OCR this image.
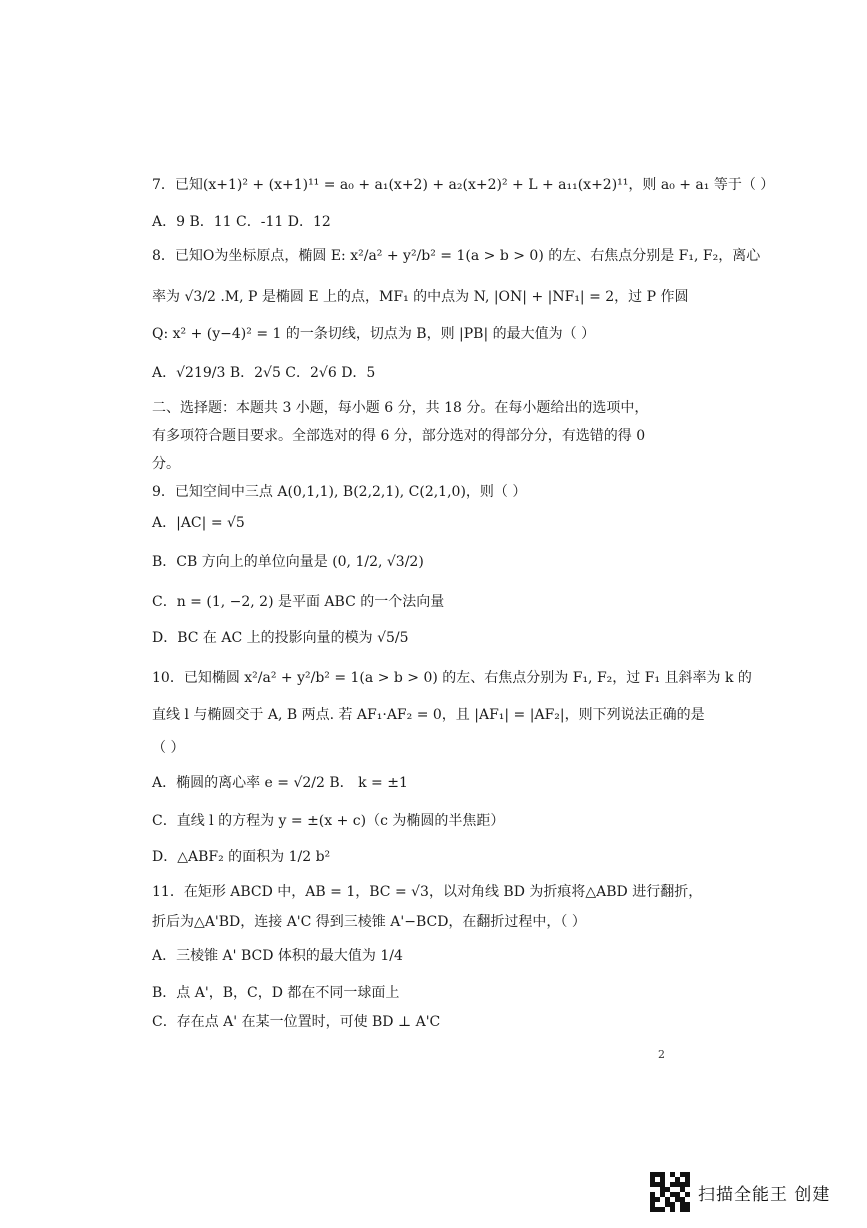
7．已知(x+1)² + (x+1)¹¹ = a₀ + a₁(x+2) + a₂(x+2)² + L + a₁₁(x+2)¹¹，则 a₀ + a₁ 等于（ ）
A．9 B．11 C．-11 D．12
8．已知O为坐标原点，椭圆 E: x²/a² + y²/b² = 1(a > b > 0) 的左、右焦点分别是 F₁, F₂，离心
率为 √3/2 .M, P 是椭圆 E 上的点，MF₁ 的中点为 N, |ON| + |NF₁| = 2，过 P 作圆
Q: x² + (y−4)² = 1 的一条切线，切点为 B，则 |PB| 的最大值为（ ）
A．√219/3 B．2√5 C．2√6 D．5
二、选择题：本题共 3 小题，每小题 6 分，共 18 分。在每小题给出的选项中，
有多项符合题目要求。全部选对的得 6 分，部分选对的得部分分，有选错的得 0
分。
9．已知空间中三点 A(0,1,1), B(2,2,1), C(2,1,0)，则（ ）
A．|AC| = √5
B．CB 方向上的单位向量是 (0, 1/2, √3/2)
C．n = (1, −2, 2) 是平面 ABC 的一个法向量
D．BC 在 AC 上的投影向量的模为 √5/5
10．已知椭圆 x²/a² + y²/b² = 1(a > b > 0) 的左、右焦点分别为 F₁, F₂，过 F₁ 且斜率为 k 的
直线 l 与椭圆交于 A, B 两点. 若 AF₁·AF₂ = 0，且 |AF₁| = |AF₂|，则下列说法正确的是
（ ）
A．椭圆的离心率 e = √2/2 B． k = ±1
C．直线 l 的方程为 y = ±(x + c)（c 为椭圆的半焦距）
D．△ABF₂ 的面积为 1/2 b²
11．在矩形 ABCD 中，AB = 1，BC = √3，以对角线 BD 为折痕将△ABD 进行翻折，
折后为△A'BD，连接 A'C 得到三棱锥 A'−BCD，在翻折过程中，（ ）
A．三棱锥 A' BCD 体积的最大值为 1/4
B．点 A'，B，C，D 都在不同一球面上
C．存在点 A' 在某一位置时，可使 BD ⊥ A'C
2
扫描全能王 创建
